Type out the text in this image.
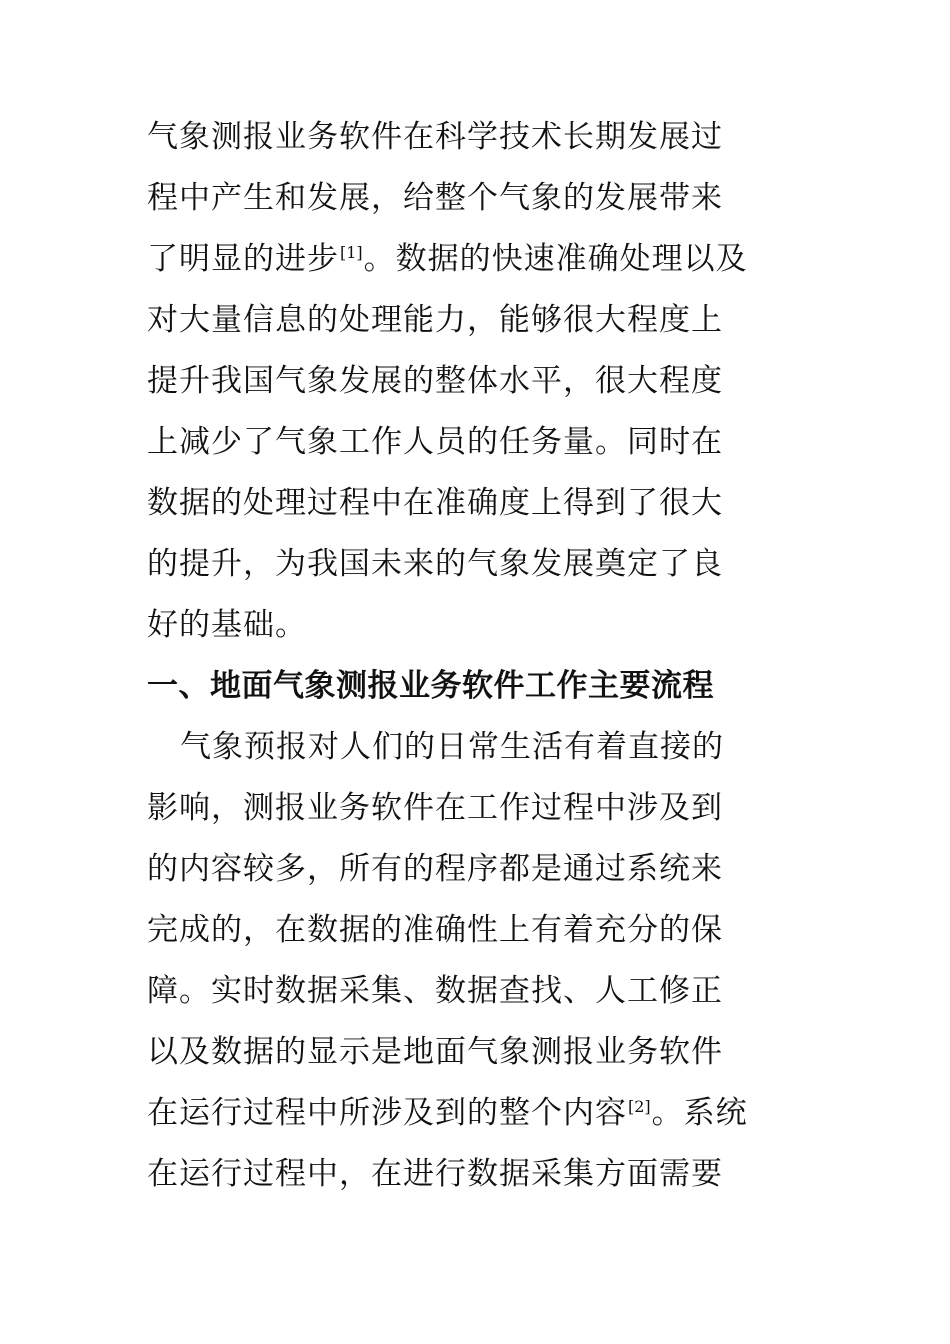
气象测报业务软件在科学技术长期发展过
程中产生和发展，给整个气象的发展带来
了明显的进步[1]。数据的快速准确处理以及
对大量信息的处理能力，能够很大程度上
提升我国气象发展的整体水平，很大程度
上减少了气象工作人员的任务量。同时在
数据的处理过程中在准确度上得到了很大
的提升，为我国未来的气象发展奠定了良
好的基础。
一、地面气象测报业务软件工作主要流程
气象预报对人们的日常生活有着直接的
影响，测报业务软件在工作过程中涉及到
的内容较多，所有的程序都是通过系统来
完成的，在数据的准确性上有着充分的保
障。实时数据采集、数据查找、人工修正
以及数据的显示是地面气象测报业务软件
在运行过程中所涉及到的整个内容[2]。系统
在运行过程中，在进行数据采集方面需要
